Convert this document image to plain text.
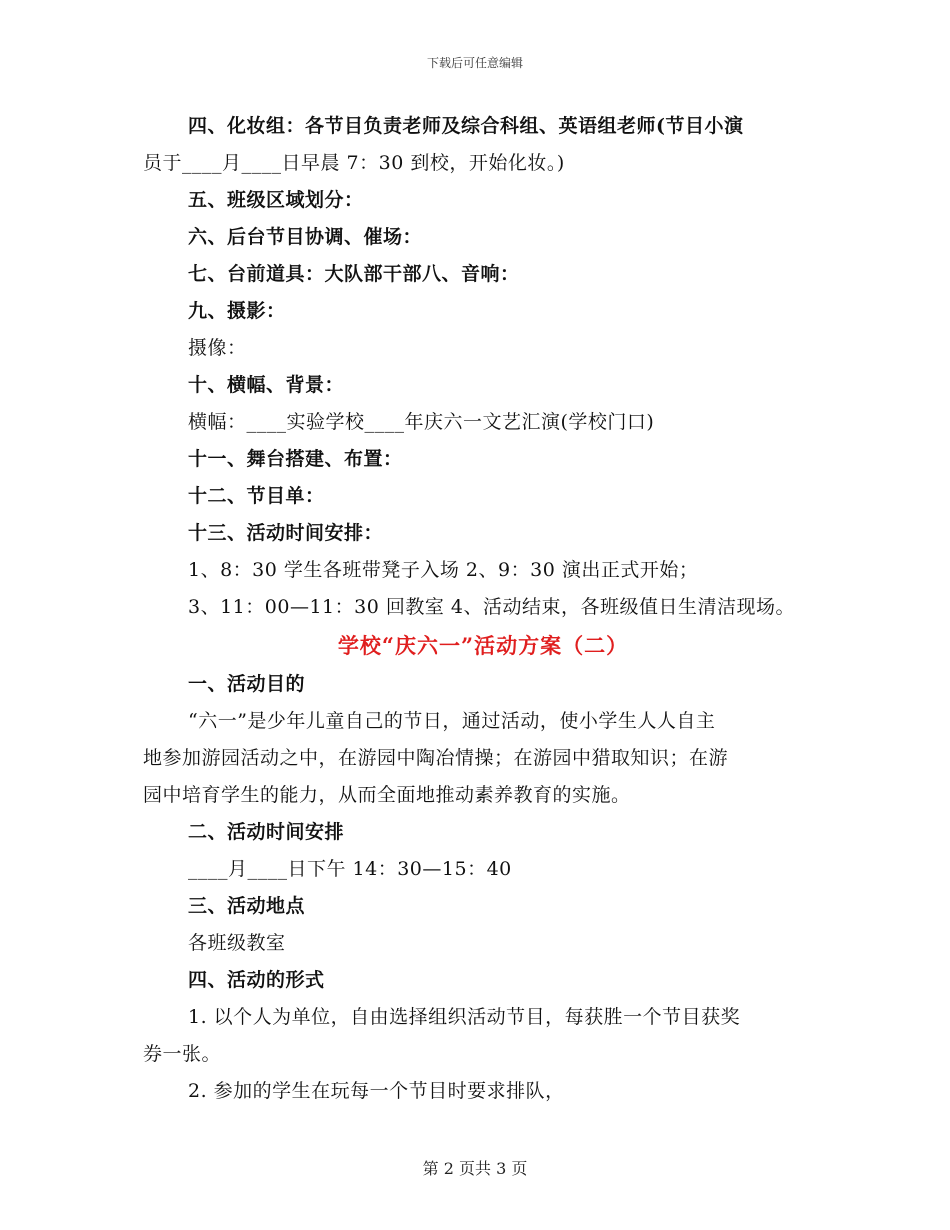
下载后可任意编辑
四、化妆组：各节目负责老师及综合科组、英语组老师(节目小演
员于____月____日早晨 7：30 到校，开始化妆。)
五、班级区域划分：
六、后台节目协调、催场：
七、台前道具：大队部干部八、音响：
九、摄影：
摄像：
十、横幅、背景：
横幅：____实验学校____年庆六一文艺汇演(学校门口)
十一、舞台搭建、布置：
十二、节目单：
十三、活动时间安排：
1、8：30 学生各班带凳子入场 2、9：30 演出正式开始；
3、11：00—11：30 回教室 4、活动结束，各班级值日生清洁现场。
学校“庆六一”活动方案（二）
一、活动目的
“六一”是少年儿童自己的节日，通过活动，使小学生人人自主
地参加游园活动之中，在游园中陶冶情操；在游园中猎取知识；在游
园中培育学生的能力，从而全面地推动素养教育的实施。
二、活动时间安排
____月____日下午 14：30—15：40
三、活动地点
各班级教室
四、活动的形式
1. 以个人为单位，自由选择组织活动节目，每获胜一个节目获奖
券一张。
2. 参加的学生在玩每一个节目时要求排队，
第 2 页共 3 页
